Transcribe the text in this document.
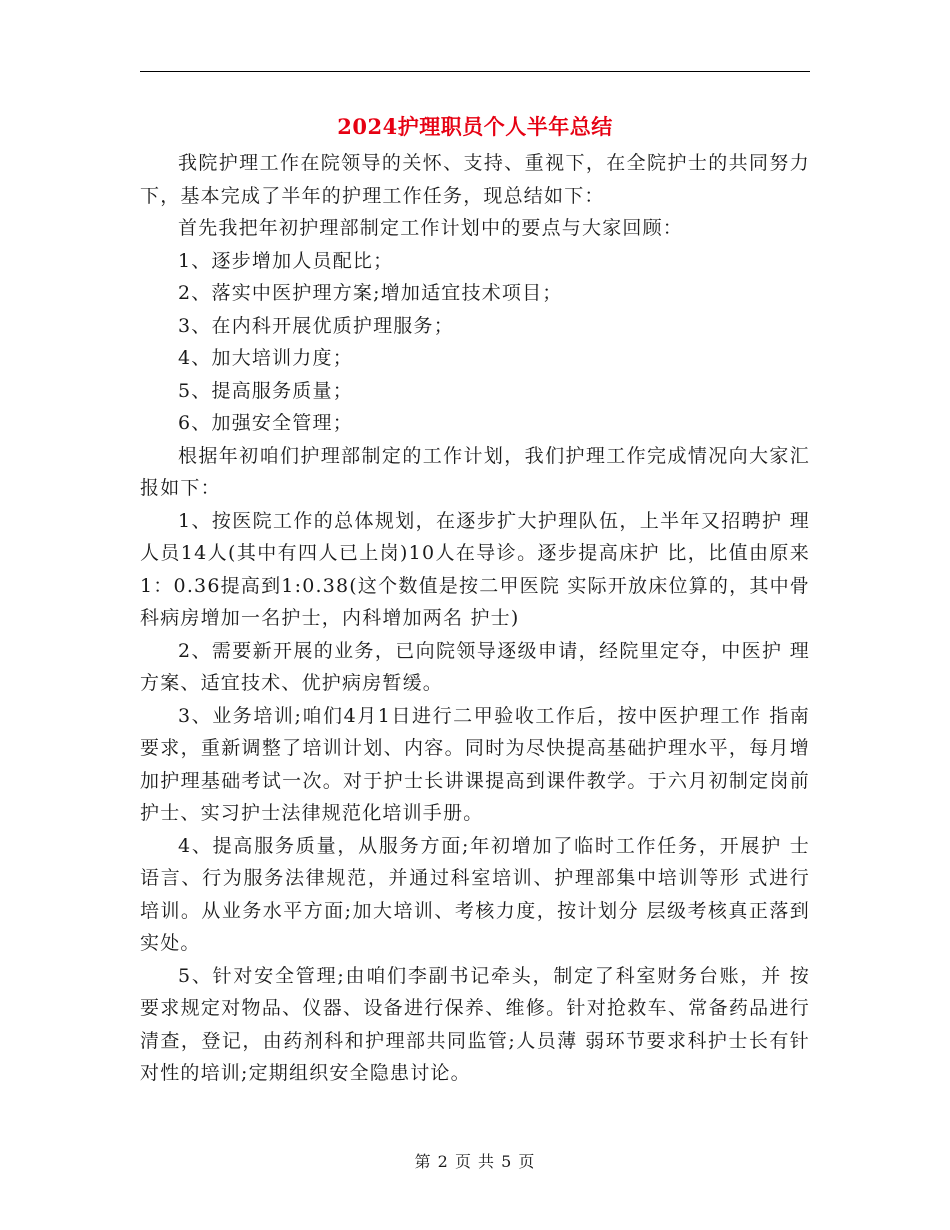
2024护理职员个人半年总结

我院护理工作在院领导的关怀、支持、重视下，在全院护士的共同努力下，基本完成了半年的护理工作任务，现总结如下：

首先我把年初护理部制定工作计划中的要点与大家回顾：

1、逐步增加人员配比；

2、落实中医护理方案;增加适宜技术项目；

3、在内科开展优质护理服务；

4、加大培训力度；

5、提高服务质量；

6、加强安全管理；

根据年初咱们护理部制定的工作计划，我们护理工作完成情况向大家汇报如下：

1、按医院工作的总体规划，在逐步扩大护理队伍，上半年又招聘护 理人员14人(其中有四人已上岗)10人在导诊。逐步提高床护 比，比值由原来1：0.36提高到1:0.38(这个数值是按二甲医院 实际开放床位算的，其中骨科病房增加一名护士，内科增加两名 护士)

2、需要新开展的业务，已向院领导逐级申请，经院里定夺，中医护 理方案、适宜技术、优护病房暂缓。

3、业务培训;咱们4月1日进行二甲验收工作后，按中医护理工作 指南要求，重新调整了培训计划、内容。同时为尽快提高基础护理水平，每月增加护理基础考试一次。对于护士长讲课提高到课件教学。于六月初制定岗前护士、实习护士法律规范化培训手册。

4、提高服务质量，从服务方面;年初增加了临时工作任务，开展护 士语言、行为服务法律规范，并通过科室培训、护理部集中培训等形 式进行培训。从业务水平方面;加大培训、考核力度，按计划分 层级考核真正落到实处。

5、针对安全管理;由咱们李副书记牵头，制定了科室财务台账，并 按要求规定对物品、仪器、设备进行保养、维修。针对抢救车、常备药品进行清查，登记，由药剂科和护理部共同监管;人员薄 弱环节要求科护士长有针对性的培训;定期组织安全隐患讨论。

第 2 页 共 5 页
